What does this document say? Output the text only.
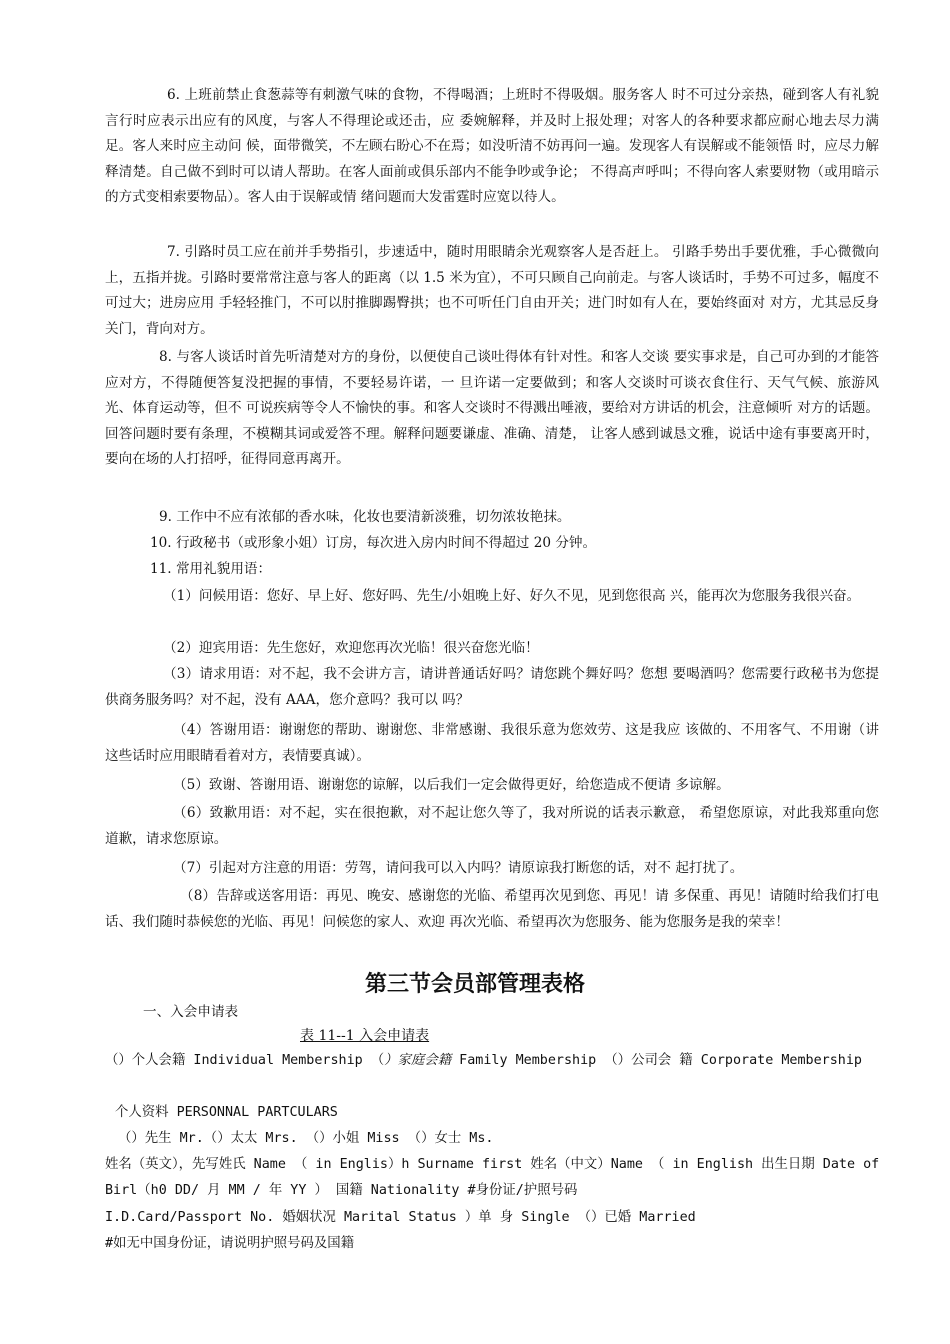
6. 上班前禁止食葱蒜等有刺激气味的食物，不得喝酒；上班时不得吸烟。服务客人 时不可过分亲热，碰到客人有礼貌言行时应表示出应有的风度，与客人不得理论或还击，应 委婉解释，并及时上报处理；对客人的各种要求都应耐心地去尽力满足。客人来时应主动问 候，面带微笑，不左顾右盼心不在焉；如没听清不妨再问一遍。发现客人有误解或不能领悟 时，应尽力解释清楚。自己做不到时可以请人帮助。在客人面前或俱乐部内不能争吵或争论； 不得高声呼叫；不得向客人索要财物（或用暗示的方式变相索要物品）。客人由于误解或情 绪问题而大发雷霆时应宽以待人。
7. 引路时员工应在前并手势指引，步速适中，随时用眼睛余光观察客人是否赶上。 引路手势出手要优雅，手心微微向上，五指并拢。引路时要常常注意与客人的距离（以 1.5 米为宜），不可只顾自己向前走。与客人谈话时，手势不可过多，幅度不可过大；进房应用 手轻轻推门，不可以肘推脚踢臀拱；也不可听任门自由开关；进门时如有人在，要始终面对 对方，尤其忌反身关门，背向对方。
8. 与客人谈话时首先听清楚对方的身份，以便使自己谈吐得体有针对性。和客人交谈 要实事求是，自己可办到的才能答应对方，不得随便答复没把握的事情，不要轻易许诺，一 旦许诺一定要做到；和客人交谈时可谈衣食住行、天气气候、旅游风光、体育运动等，但不 可说疾病等令人不愉快的事。和客人交谈时不得溅出唾液，要给对方讲话的机会，注意倾听 对方的话题。回答问题时要有条理，不模糊其词或爱答不理。解释问题要谦虚、准确、清楚， 让客人感到诚恳文雅，说话中途有事要离开时，要向在场的人打招呼，征得同意再离开。
9. 工作中不应有浓郁的香水味，化妆也要清新淡雅，切勿浓妆艳抹。
10. 行政秘书（或形象小姐）订房，每次进入房内时间不得超过 20 分钟。
11. 常用礼貌用语：
（1）问候用语：您好、早上好、您好吗、先生/小姐晚上好、好久不见，见到您很高 兴，能再次为您服务我很兴奋。
（2）迎宾用语：先生您好，欢迎您再次光临！很兴奋您光临！
（3）请求用语：对不起，我不会讲方言，请讲普通话好吗？请您跳个舞好吗？您想 要喝酒吗？您需要行政秘书为您提供商务服务吗？对不起，没有 AAA，您介意吗？我可以 吗？
（4）答谢用语：谢谢您的帮助、谢谢您、非常感谢、我很乐意为您效劳、这是我应 该做的、不用客气、不用谢（讲这些话时应用眼睛看着对方，表情要真诚）。
（5）致谢、答谢用语、谢谢您的谅解，以后我们一定会做得更好，给您造成不便请 多谅解。
（6）致歉用语：对不起，实在很抱歉，对不起让您久等了，我对所说的话表示歉意， 希望您原谅，对此我郑重向您道歉，请求您原谅。
（7）引起对方注意的用语：劳驾，请问我可以入内吗？请原谅我打断您的话，对不 起打扰了。
（8）告辞或送客用语：再见、晚安、感谢您的光临、希望再次见到您、再见！请 多保重、再见！请随时给我们打电话、我们随时恭候您的光临、再见！问候您的家人、欢迎 再次光临、希望再次为您服务、能为您服务是我的荣幸！
第三节会员部管理表格
一、入会申请表
表 11--1 入会申请表
（）个人会籍 Individual Membership （）家庭会籍 Family Membership （）公司会 籍 Corporate Membership
个人资料 PERSONNAL PARTCULARS
（）先生 Mr.（）太太 Mrs. （）小姐 Miss （）女士 Ms.
姓名（英文），先写姓氏 Name （ in Englis）h Surname first 姓名（中文）Name （ in English 出生日期 Date of Birl（h0 DD/ 月 MM / 年 YY ） 国籍 Nationality #身份证/护照号码
I.D.Card/Passport No. 婚姻状况 Marital Status ）单 身 Single （）已婚 Married
#如无中国身份证，请说明护照号码及国籍
